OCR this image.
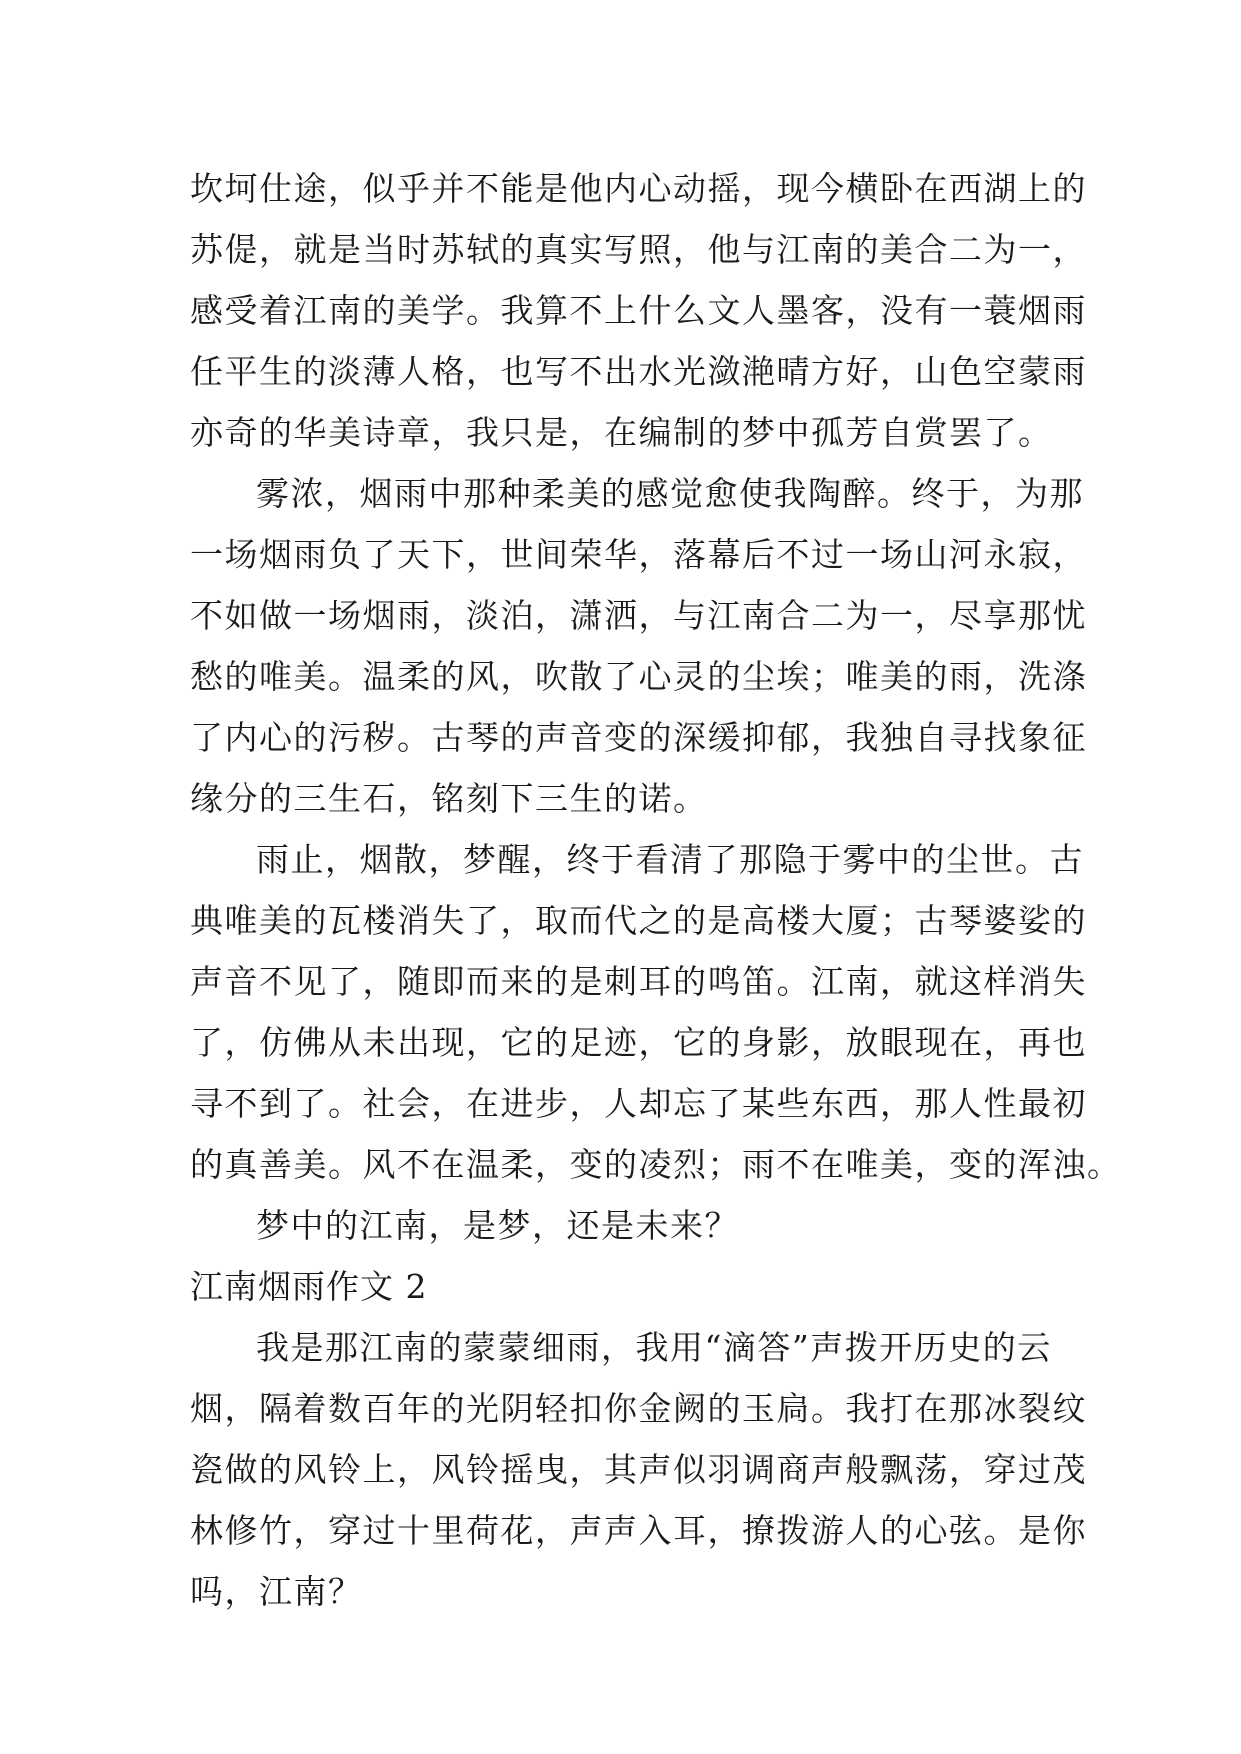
坎坷仕途，似乎并不能是他内心动摇，现今横卧在西湖上的
苏偍，就是当时苏轼的真实写照，他与江南的美合二为一，
感受着江南的美学。我算不上什么文人墨客，没有一蓑烟雨
任平生的淡薄人格，也写不出水光潋滟晴方好，山色空蒙雨
亦奇的华美诗章，我只是，在编制的梦中孤芳自赏罢了。
雾浓，烟雨中那种柔美的感觉愈使我陶醉。终于，为那
一场烟雨负了天下，世间荣华，落幕后不过一场山河永寂，
不如做一场烟雨，淡泊，潇洒，与江南合二为一，尽享那忧
愁的唯美。温柔的风，吹散了心灵的尘埃；唯美的雨，洗涤
了内心的污秽。古琴的声音变的深缓抑郁，我独自寻找象征
缘分的三生石，铭刻下三生的诺。
雨止，烟散，梦醒，终于看清了那隐于雾中的尘世。古
典唯美的瓦楼消失了，取而代之的是高楼大厦；古琴婆娑的
声音不见了，随即而来的是刺耳的鸣笛。江南，就这样消失
了，仿佛从未出现，它的足迹，它的身影，放眼现在，再也
寻不到了。社会，在进步，人却忘了某些东西，那人性最初
的真善美。风不在温柔，变的凌烈；雨不在唯美，变的浑浊。
梦中的江南，是梦，还是未来？
江南烟雨作文 2
我是那江南的蒙蒙细雨，我用“滴答”声拨开历史的云
烟，隔着数百年的光阴轻扣你金阙的玉扃。我打在那冰裂纹
瓷做的风铃上，风铃摇曳，其声似羽调商声般飘荡，穿过茂
林修竹，穿过十里荷花，声声入耳，撩拨游人的心弦。是你
吗，江南？
